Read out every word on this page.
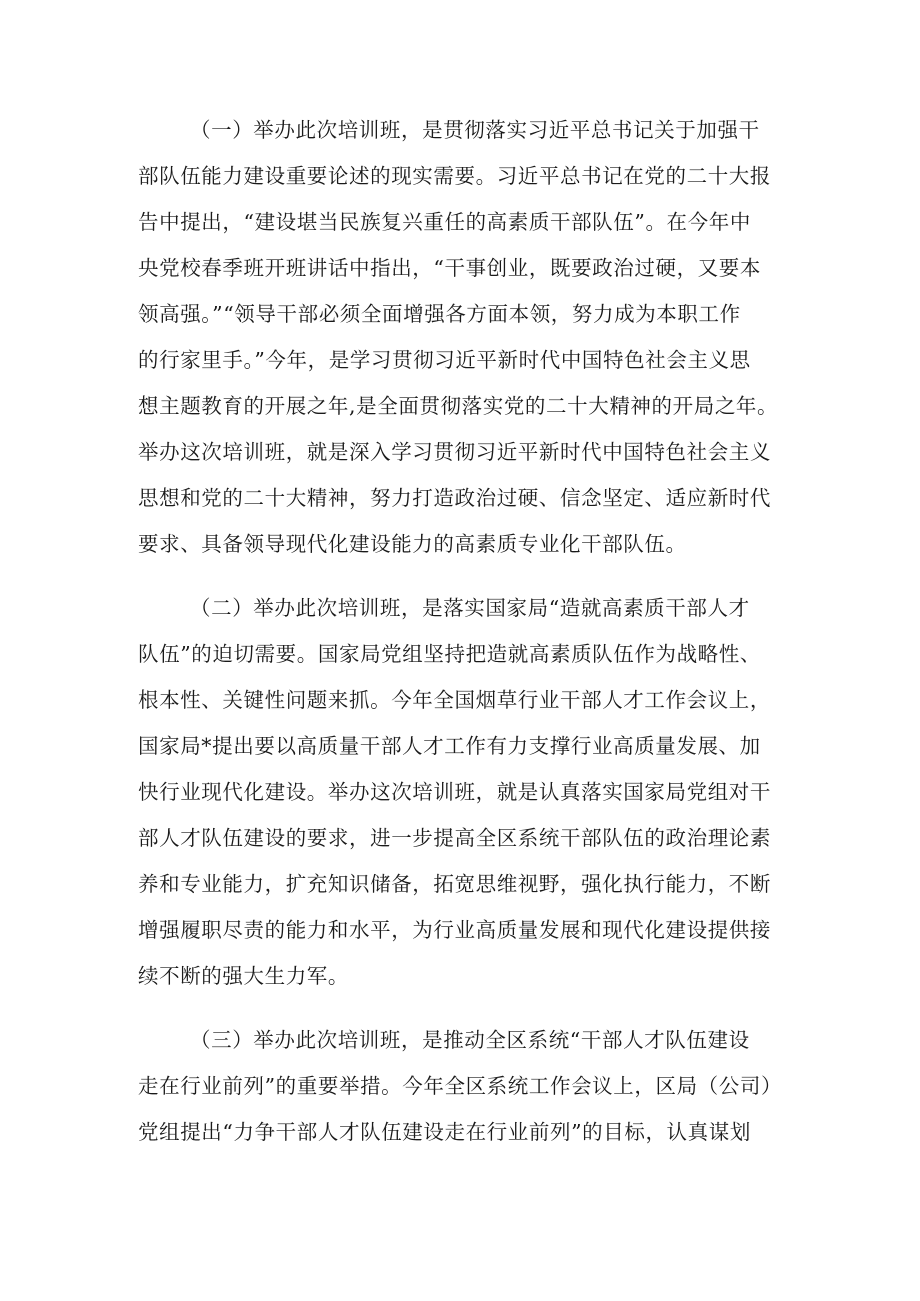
（一）举办此次培训班，是贯彻落实习近平总书记关于加强干
部队伍能力建设重要论述的现实需要。习近平总书记在党的二十大报
告中提出，“建设堪当民族复兴重任的高素质干部队伍”。在今年中
央党校春季班开班讲话中指出，“干事创业，既要政治过硬，又要本
领高强。”“领导干部必须全面增强各方面本领，努力成为本职工作
的行家里手。”今年，是学习贯彻习近平新时代中国特色社会主义思
想主题教育的开展之年,是全面贯彻落实党的二十大精神的开局之年。
举办这次培训班，就是深入学习贯彻习近平新时代中国特色社会主义
思想和党的二十大精神，努力打造政治过硬、信念坚定、适应新时代
要求、具备领导现代化建设能力的高素质专业化干部队伍。
（二）举办此次培训班，是落实国家局“造就高素质干部人才
队伍”的迫切需要。国家局党组坚持把造就高素质队伍作为战略性、
根本性、关键性问题来抓。今年全国烟草行业干部人才工作会议上，
国家局*提出要以高质量干部人才工作有力支撑行业高质量发展、加
快行业现代化建设。举办这次培训班，就是认真落实国家局党组对干
部人才队伍建设的要求，进一步提高全区系统干部队伍的政治理论素
养和专业能力，扩充知识储备，拓宽思维视野，强化执行能力，不断
增强履职尽责的能力和水平，为行业高质量发展和现代化建设提供接
续不断的强大生力军。
（三）举办此次培训班，是推动全区系统“干部人才队伍建设
走在行业前列”的重要举措。今年全区系统工作会议上，区局（公司）
党组提出“力争干部人才队伍建设走在行业前列”的目标，认真谋划
